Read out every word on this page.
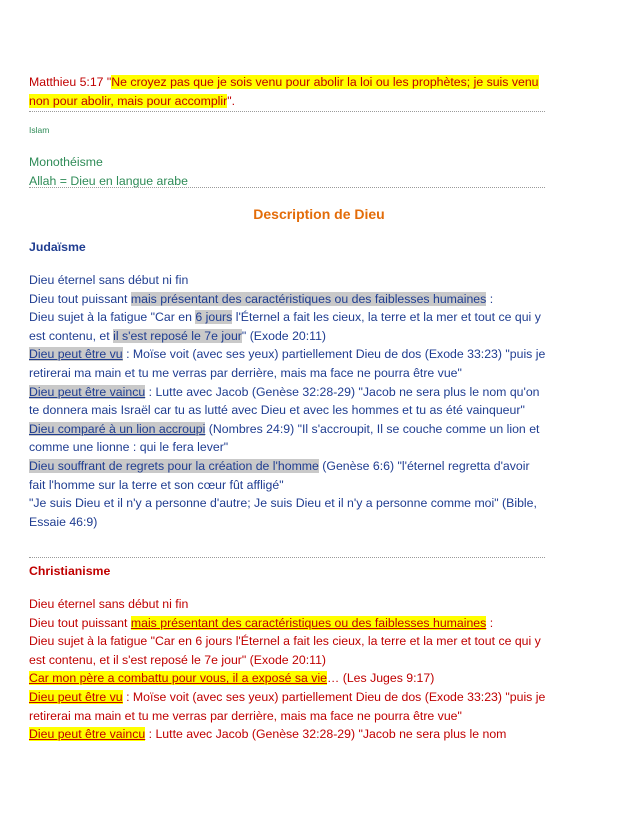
Matthieu 5:17 "Ne croyez pas que je sois venu pour abolir la loi ou les prophètes; je suis venu non pour abolir, mais pour accomplir".
Islam

Monothéisme

Allah = Dieu en langue arabe

Description de Dieu
Judaïsme

Dieu éternel sans début ni fin

Dieu tout puissant mais présentant des caractéristiques ou des faiblesses humaines :

Dieu sujet à la fatigue "Car en 6 jours l'Éternel a fait les cieux, la terre et la mer et tout ce qui y est contenu, et il s'est reposé le 7e jour" (Exode 20:11)

Dieu peut être vu : Moïse voit (avec ses yeux) partiellement Dieu de dos (Exode 33:23) "puis je retirerai ma main et tu me verras par derrière, mais ma face ne pourra être vue"

Dieu peut être vaincu : Lutte avec Jacob (Genèse 32:28-29) "Jacob ne sera plus le nom qu'on te donnera mais Israël car tu as lutté avec Dieu et avec les hommes et tu as été vainqueur"

Dieu comparé à un lion accroupi (Nombres 24:9) "Il s'accroupit, Il se couche comme un lion et comme une lionne : qui le fera lever"

Dieu souffrant de regrets pour la création de l'homme (Genèse 6:6) "l'éternel regretta d'avoir fait l'homme sur la terre et son cœur fût affligé"

"Je suis Dieu et il n'y a personne d'autre; Je suis Dieu et il n'y a personne comme moi" (Bible, Essaie 46:9)

Christianisme

Dieu éternel sans début ni fin

Dieu tout puissant mais présentant des caractéristiques ou des faiblesses humaines :

Dieu sujet à la fatigue "Car en 6 jours l'Éternel a fait les cieux, la terre et la mer et tout ce qui y est contenu, et il s'est reposé le 7e jour" (Exode 20:11)

Car mon père a combattu pour vous, il a exposé sa vie… (Les Juges 9:17)

Dieu peut être vu : Moïse voit (avec ses yeux) partiellement Dieu de dos (Exode 33:23) "puis je retirerai ma main et tu me verras par derrière, mais ma face ne pourra être vue"

Dieu peut être vaincu : Lutte avec Jacob (Genèse 32:28-29) "Jacob ne sera plus le nom
